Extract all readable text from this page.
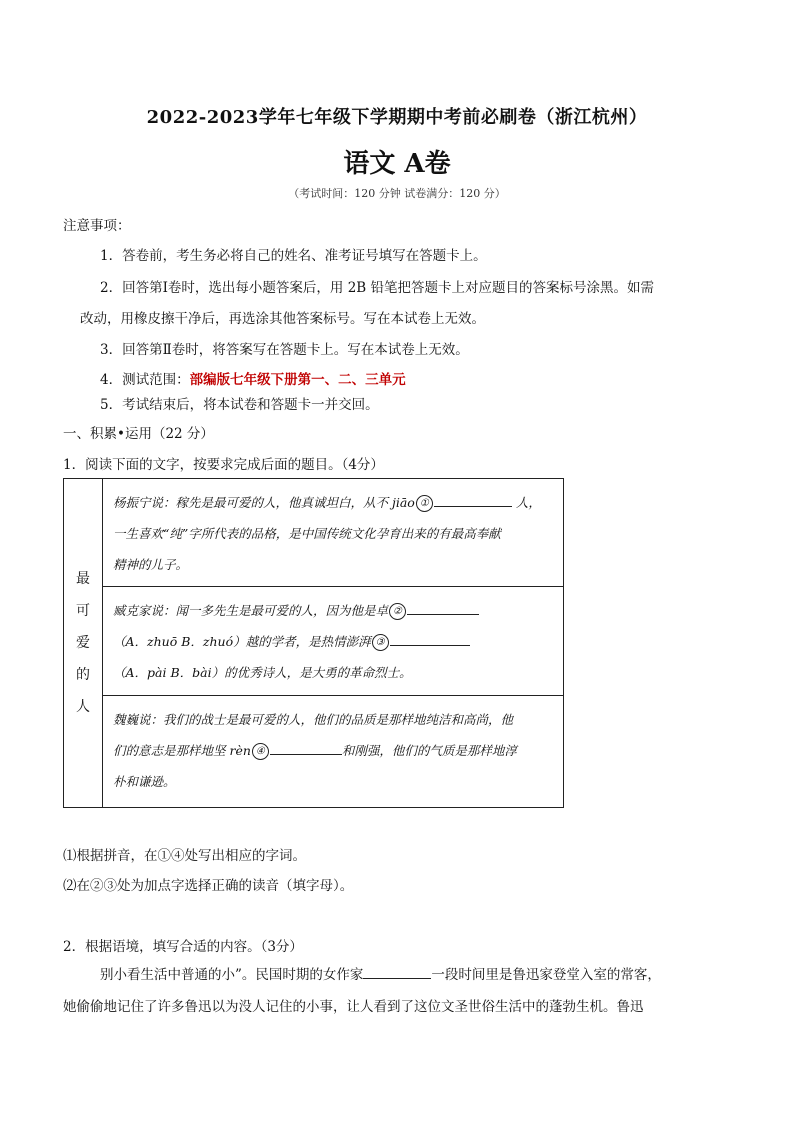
2022-2023学年七年级下学期期中考前必刷卷（浙江杭州）
语文 A卷
（考试时间：120 分钟 试卷满分：120 分）
注意事项：
1．答卷前，考生务必将自己的姓名、准考证号填写在答题卡上。
2．回答第Ⅰ卷时，选出每小题答案后，用 2B 铅笔把答题卡上对应题目的答案标号涂黑。如需
改动，用橡皮擦干净后，再选涂其他答案标号。写在本试卷上无效。
3．回答第Ⅱ卷时，将答案写在答题卡上。写在本试卷上无效。
4．测试范围：部编版七年级下册第一、二、三单元
5．考试结束后，将本试卷和答题卡一并交回。
一、积累•运用（22 分）
1．阅读下面的文字，按要求完成后面的题目。（4分）
最
可
爱
的
人

杨振宁说：稼先是最可爱的人，他真诚坦白，从不 jiāo ①	人，
一生喜欢“纯”字所代表的品格，是中国传统文化孕育出来的有最高奉献
精神的儿子。

臧克家说：闻一多先生是最可爱的人，因为他是卓 ②
（A．zhuō B．zhuó）越的学者，是热情澎湃 ③
（A．pài B．bài）的优秀诗人，是大勇的革命烈士。

魏巍说：我们的战士是最可爱的人，他们的品质是那样地纯洁和高尚，他
们的意志是那样地坚 rèn ④	和刚强，他们的气质是那样地淳
朴和谦逊。
⑴根据拼音，在①④处写出相应的字词。
⑵在②③处为加点字选择正确的读音（填字母）。
2．根据语境，填写合适的内容。（3分）
别小看生活中普通的小”。民国时期的女作家	一段时间里是鲁迅家登堂入室的常客，
她偷偷地记住了许多鲁迅以为没人记住的小事，让人看到了这位文圣世俗生活中的蓬勃生机。鲁迅
